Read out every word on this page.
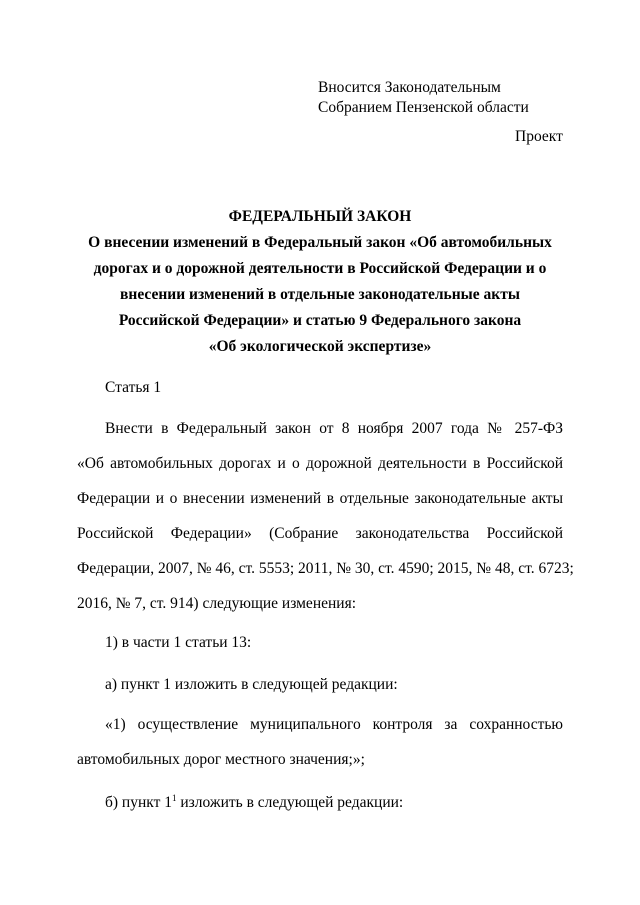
Вносится Законодательным
Собранием Пензенской области
Проект
ФЕДЕРАЛЬНЫЙ ЗАКОН
О внесении изменений в Федеральный закон «Об автомобильных
дорогах и о дорожной деятельности в Российской Федерации и о
внесении изменений в отдельные законодательные акты
Российской Федерации» и статью 9 Федерального закона
«Об экологической экспертизе»
Статья 1
Внести в Федеральный закон от 8 ноября 2007 года № 257-ФЗ
«Об автомобильных дорогах и о дорожной деятельности в Российской
Федерации и о внесении изменений в отдельные законодательные акты
Российской Федерации» (Собрание законодательства Российской
Федерации, 2007, № 46, ст. 5553; 2011, № 30, ст. 4590; 2015, № 48, ст. 6723;
2016, № 7, ст. 914) следующие изменения:
1) в части 1 статьи 13:
а) пункт 1 изложить в следующей редакции:
«1) осуществление муниципального контроля за сохранностью
автомобильных дорог местного значения;»;
б) пункт $1^1$ изложить в следующей редакции:
